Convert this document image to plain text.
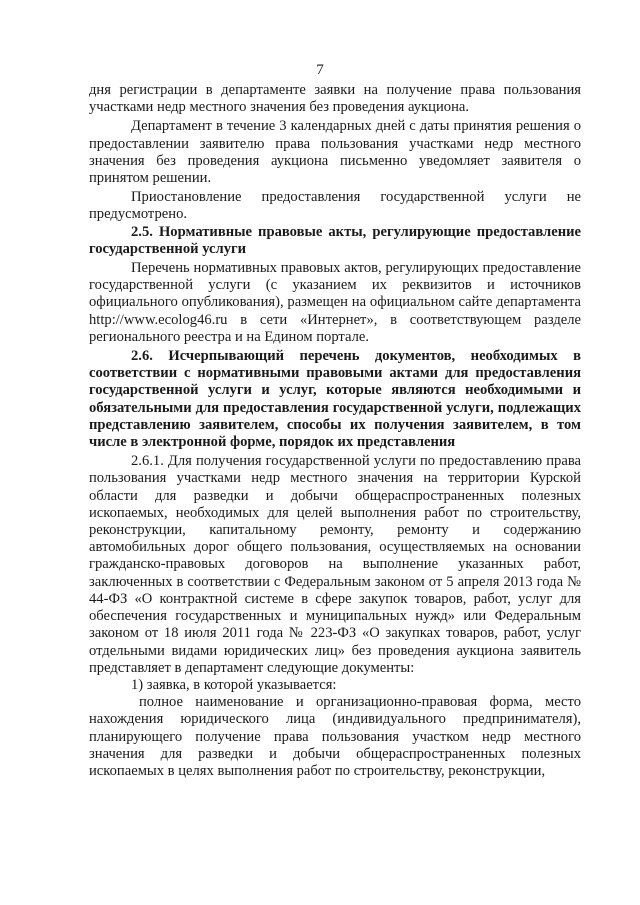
7

дня регистрации в департаменте заявки на получение права пользования участками недр местного значения без проведения аукциона.

Департамент в течение 3 календарных дней с даты принятия решения о предоставлении заявителю права пользования участками недр местного значения без проведения аукциона письменно уведомляет заявителя о принятом решении.

Приостановление предоставления государственной услуги не предусмотрено.

2.5. Нормативные правовые акты, регулирующие предоставление государственной услуги

Перечень нормативных правовых актов, регулирующих предоставление государственной услуги (с указанием их реквизитов и источников официального опубликования), размещен на официальном сайте департамента http://www.ecolog46.ru в сети «Интернет», в соответствующем разделе регионального реестра и на Едином портале.

2.6. Исчерпывающий перечень документов, необходимых в соответствии с нормативными правовыми актами для предоставления государственной услуги и услуг, которые являются необходимыми и обязательными для предоставления государственной услуги, подлежащих представлению заявителем, способы их получения заявителем, в том числе в электронной форме, порядок их представления

2.6.1. Для получения государственной услуги по предоставлению права пользования участками недр местного значения на территории Курской области для разведки и добычи общераспространенных полезных ископаемых, необходимых для целей выполнения работ по строительству, реконструкции, капитальному ремонту, ремонту и содержанию автомобильных дорог общего пользования, осуществляемых на основании гражданско-правовых договоров на выполнение указанных работ, заключенных в соответствии с Федеральным законом от 5 апреля 2013 года № 44-ФЗ «О контрактной системе в сфере закупок товаров, работ, услуг для обеспечения государственных и муниципальных нужд» или Федеральным законом от 18 июля 2011 года № 223-ФЗ «О закупках товаров, работ, услуг отдельными видами юридических лиц» без проведения аукциона заявитель представляет в департамент следующие документы:

1) заявка, в которой указывается:

полное наименование и организационно-правовая форма, место нахождения юридического лица (индивидуального предпринимателя), планирующего получение права пользования участком недр местного значения для разведки и добычи общераспространенных полезных ископаемых в целях выполнения работ по строительству, реконструкции,
